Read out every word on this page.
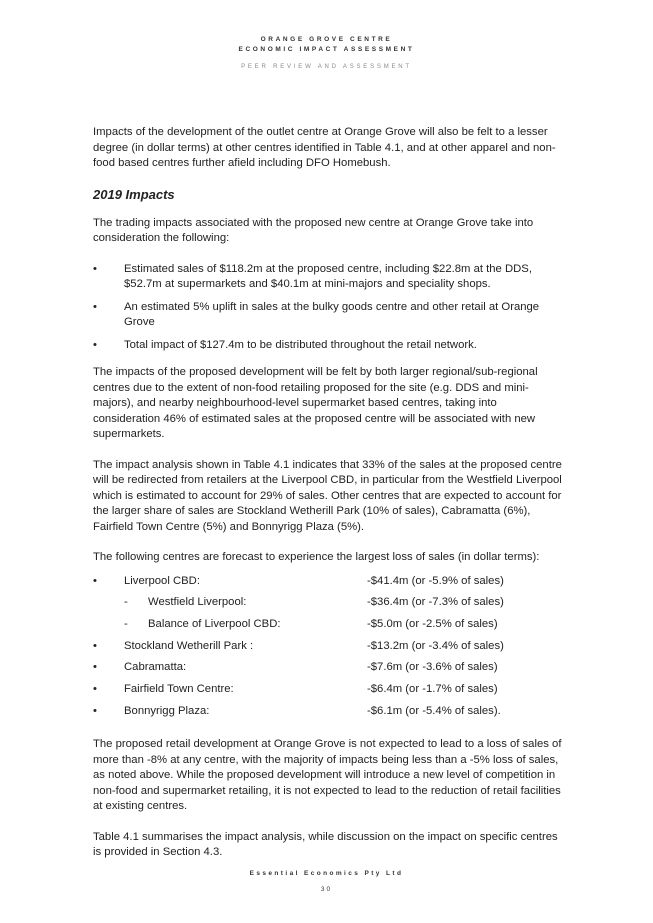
ORANGE GROVE CENTRE
ECONOMIC IMPACT ASSESSMENT
PEER REVIEW AND ASSESSMENT

Impacts of the development of the outlet centre at Orange Grove will also be felt to a lesser degree (in dollar terms) at other centres identified in Table 4.1, and at other apparel and non-food based centres further afield including DFO Homebush.

2019 Impacts

The trading impacts associated with the proposed new centre at Orange Grove take into consideration the following:

• Estimated sales of $118.2m at the proposed centre, including $22.8m at the DDS, $52.7m at supermarkets and $40.1m at mini-majors and speciality shops.
• An estimated 5% uplift in sales at the bulky goods centre and other retail at Orange Grove
• Total impact of $127.4m to be distributed throughout the retail network.

The impacts of the proposed development will be felt by both larger regional/sub-regional centres due to the extent of non-food retailing proposed for the site (e.g. DDS and mini-majors), and nearby neighbourhood-level supermarket based centres, taking into consideration 46% of estimated sales at the proposed centre will be associated with new supermarkets.

The impact analysis shown in Table 4.1 indicates that 33% of the sales at the proposed centre will be redirected from retailers at the Liverpool CBD, in particular from the Westfield Liverpool which is estimated to account for 29% of sales. Other centres that are expected to account for the larger share of sales are Stockland Wetherill Park (10% of sales), Cabramatta (6%), Fairfield Town Centre (5%) and Bonnyrigg Plaza (5%).

The following centres are forecast to experience the largest loss of sales (in dollar terms):

•	Liverpool CBD:	-$41.4m (or -5.9% of sales)
- Westfield Liverpool:	-$36.4m (or -7.3% of sales)
- Balance of Liverpool CBD:	-$5.0m (or -2.5% of sales)
•	Stockland Wetherill Park :	-$13.2m (or -3.4% of sales)
•	Cabramatta:	-$7.6m (or -3.6% of sales)
•	Fairfield Town Centre:	-$6.4m (or -1.7% of sales)
•	Bonnyrigg Plaza:	-$6.1m (or -5.4% of sales).

The proposed retail development at Orange Grove is not expected to lead to a loss of sales of more than -8% at any centre, with the majority of impacts being less than a -5% loss of sales, as noted above. While the proposed development will introduce a new level of competition in non-food and supermarket retailing, it is not expected to lead to the reduction of retail facilities at existing centres.

Table 4.1 summarises the impact analysis, while discussion on the impact on specific centres is provided in Section 4.3.

Essential Economics Pty Ltd
30
